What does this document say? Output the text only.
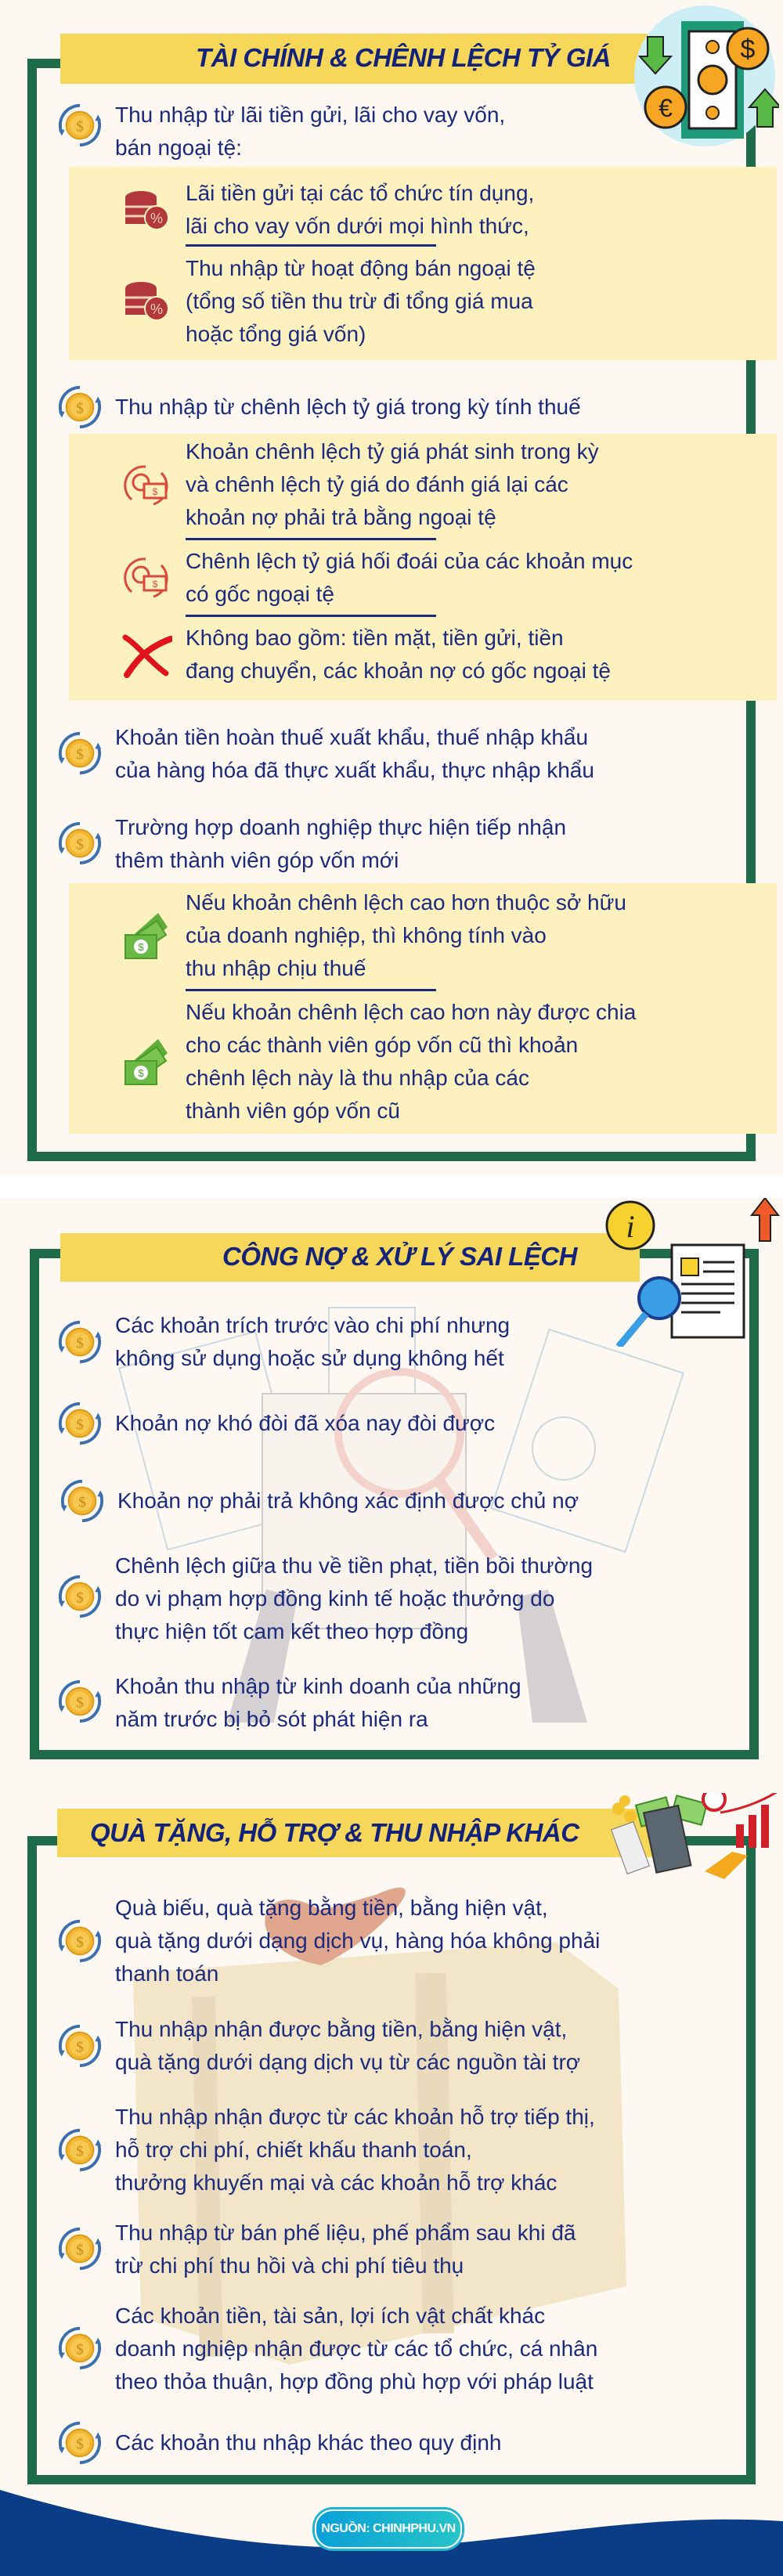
TÀI CHÍNH & CHÊNH LỆCH TỶ GIÁ	$
€
Thu nhập từ lãi tiền gửi, lãi cho vay vốn,
bán ngoại tệ:
Lãi tiền gửi tại các tổ chức tín dụng,
lãi cho vay vốn dưới mọi hình thức,
Thu nhập từ hoạt động bán ngoại tệ
(tổng số tiền thu trừ đi tổng giá mua
hoặc tổng giá vốn)
Thu nhập từ chênh lệch tỷ giá trong kỳ tính thuế
Khoản chênh lệch tỷ giá phát sinh trong kỳ
và chênh lệch tỷ giá do đánh giá lại các
khoản nợ phải trả bằng ngoại tệ
Chênh lệch tỷ giá hối đoái của các khoản mục
có gốc ngoại tệ
Không bao gồm: tiền mặt, tiền gửi, tiền
đang chuyển, các khoản nợ có gốc ngoại tệ
Khoản tiền hoàn thuế xuất khẩu, thuế nhập khẩu
của hàng hóa đã thực xuất khẩu, thực nhập khẩu
Trường hợp doanh nghiệp thực hiện tiếp nhận
thêm thành viên góp vốn mới
Nếu khoản chênh lệch cao hơn thuộc sở hữu
của doanh nghiệp, thì không tính vào
thu nhập chịu thuế
Nếu khoản chênh lệch cao hơn này được chia
cho các thành viên góp vốn cũ thì khoản
chênh lệch này là thu nhập của các
thành viên góp vốn cũ
CÔNG NỢ & XỬ LÝ SAI LỆCH
i
Các khoản trích trước vào chi phí nhưng
không sử dụng hoặc sử dụng không hết
Khoản nợ khó đòi đã xóa nay đòi được
Khoản nợ phải trả không xác định được chủ nợ
Chênh lệch giữa thu về tiền phạt, tiền bồi thường
do vi phạm hợp đồng kinh tế hoặc thưởng do
thực hiện tốt cam kết theo hợp đồng
Khoản thu nhập từ kinh doanh của những
năm trước bị bỏ sót phát hiện ra
QUÀ TẶNG, HỖ TRỢ & THU NHẬP KHÁC
Quà biếu, quà tặng bằng tiền, bằng hiện vật,
quà tặng dưới dạng dịch vụ, hàng hóa không phải
thanh toán
Thu nhập nhận được bằng tiền, bằng hiện vật,
quà tặng dưới dạng dịch vụ từ các nguồn tài trợ
Thu nhập nhận được từ các khoản hỗ trợ tiếp thị,
hỗ trợ chi phí, chiết khấu thanh toán,
thưởng khuyến mại và các khoản hỗ trợ khác
Thu nhập từ bán phế liệu, phế phẩm sau khi đã
trừ chi phí thu hồi và chi phí tiêu thụ
Các khoản tiền, tài sản, lợi ích vật chất khác
doanh nghiệp nhận được từ các tổ chức, cá nhân
theo thỏa thuận, hợp đồng phù hợp với pháp luật
Các khoản thu nhập khác theo quy định
NGUỒN: CHINHPHU.VN
